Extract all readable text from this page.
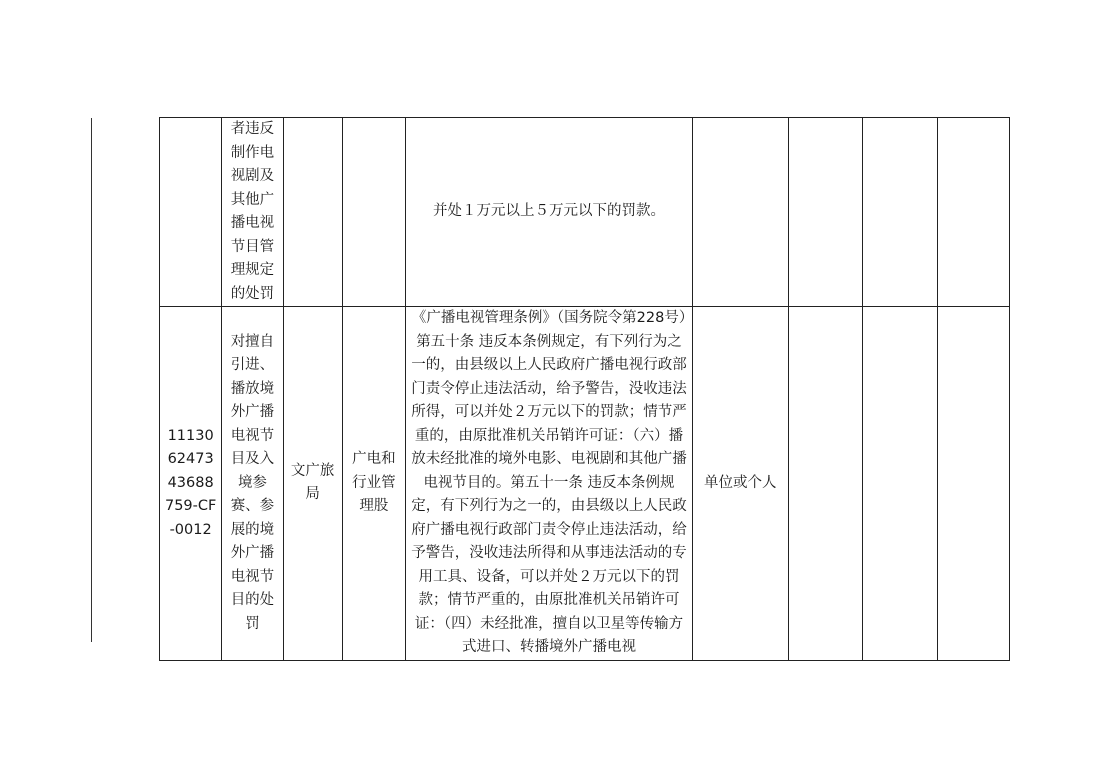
	者违反制作电视剧及其他广播电视节目管理规定的处罚			并处１万元以上５万元以下的罚款。				
111306247343688759-CF-0012	对擅自引进、播放境外广播电视节目及入境参赛、参展的境外广播电视节目的处罚	文广旅局	广电和行业管理股	《广播电视管理条例》（国务院令第228号）第五十条 违反本条例规定，有下列行为之一的，由县级以上人民政府广播电视行政部门责令停止违法活动，给予警告，没收违法所得，可以并处２万元以下的罚款；情节严重的，由原批准机关吊销许可证：（六）播放未经批准的境外电影、电视剧和其他广播电视节目的。第五十一条 违反本条例规定，有下列行为之一的，由县级以上人民政府广播电视行政部门责令停止违法活动，给予警告，没收违法所得和从事违法活动的专用工具、设备，可以并处２万元以下的罚款；情节严重的，由原批准机关吊销许可证：（四）未经批准，擅自以卫星等传输方式进口、转播境外广播电视	单位或个人			
